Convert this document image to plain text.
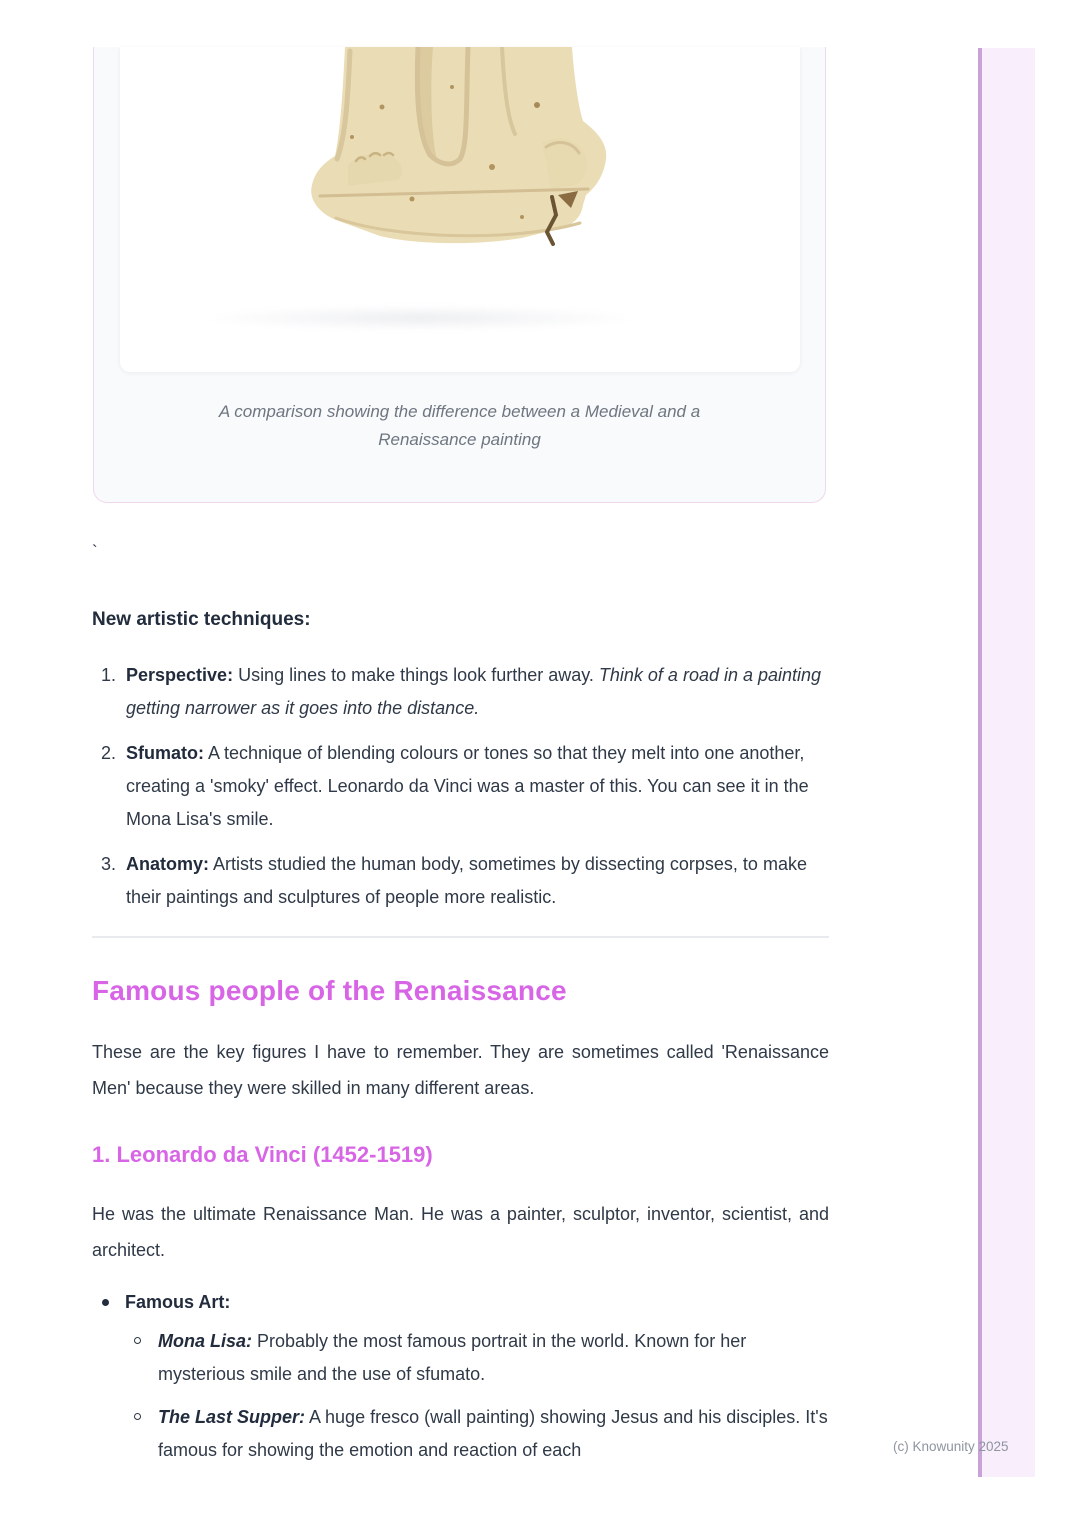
A comparison showing the difference between a Medieval and a Renaissance painting

`
New artistic techniques:
Perspective: Using lines to make things look further away. Think of a road in a painting getting narrower as it goes into the distance.
Sfumato: A technique of blending colours or tones so that they melt into one another, creating a 'smoky' effect. Leonardo da Vinci was a master of this. You can see it in the Mona Lisa's smile.
Anatomy: Artists studied the human body, sometimes by dissecting corpses, to make their paintings and sculptures of people more realistic.
Famous people of the Renaissance

These are the key figures I have to remember. They are sometimes called 'Renaissance Men' because they were skilled in many different areas.

1. Leonardo da Vinci (1452-1519)

He was the ultimate Renaissance Man. He was a painter, sculptor, inventor, scientist, and architect.

Famous Art:
Mona Lisa: Probably the most famous portrait in the world. Known for her mysterious smile and the use of sfumato.
The Last Supper: A huge fresco (wall painting) showing Jesus and his disciples. It's famous for showing the emotion and reaction of each	(c) Knowunity 2025
